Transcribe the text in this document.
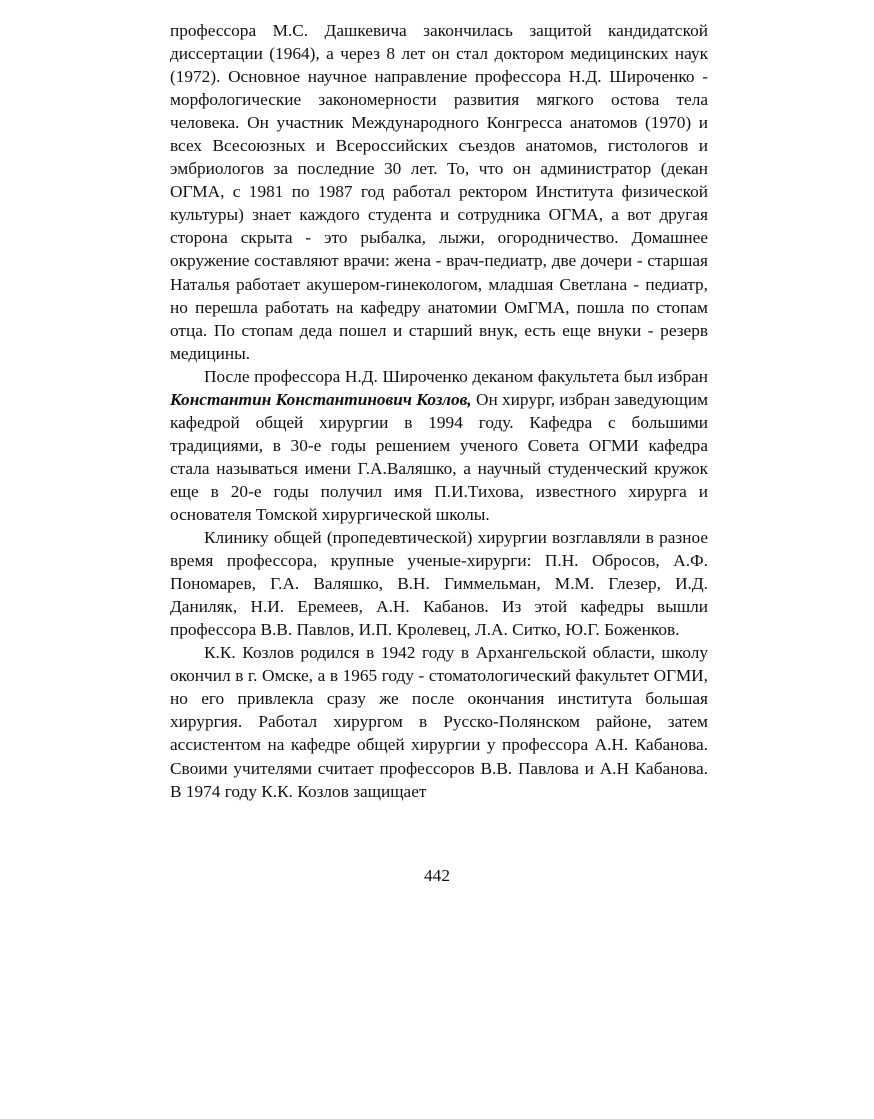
профессора М.С. Дашкевича закончилась защитой кандидатской диссертации (1964), а через 8 лет он стал доктором медицинских наук (1972). Основное научное направление профессора Н.Д. Широченко - морфологические закономерности развития мягкого остова тела человека. Он участник Международного Конгресса анатомов (1970) и всех Всесоюзных и Всероссийских съездов анатомов, гистологов и эмбриологов за последние 30 лет. То, что он администратор (декан ОГМА, с 1981 по 1987 год работал ректором Института физической культуры) знает каждого студента и сотрудника ОГМА, а вот другая сторона скрыта - это рыбалка, лыжи, огородничество. Домашнее окружение составляют врачи: жена - врач-педиатр, две дочери - старшая Наталья работает акушером-гинекологом, младшая Светлана - педиатр, но перешла работать на кафедру анатомии ОмГМА, пошла по стопам отца. По стопам деда пошел и старший внук, есть еще внуки - резерв медицины.

После профессора Н.Д. Широченко деканом факультета был избран Константин Константинович Козлов, Он хирург, избран заведующим кафедрой общей хирургии в 1994 году. Кафедра с большими традициями, в 30-е годы решением ученого Совета ОГМИ кафедра стала называться имени Г.А.Валяшко, а научный студенческий кружок еще в 20-е годы получил имя П.И.Тихова, известного хирурга и основателя Томской хирургической школы.

Клинику общей (пропедевтической) хирургии возглавляли в разное время профессора, крупные ученые-хирурги: П.Н. Обросов, А.Ф. Пономарев, Г.А. Валяшко, В.Н. Гиммельман, М.М. Глезер, И.Д. Даниляк, Н.И. Еремеев, А.Н. Кабанов. Из этой кафедры вышли профессора В.В. Павлов, И.П. Кролевец, Л.А. Ситко, Ю.Г. Боженков.

К.К. Козлов родился в 1942 году в Архангельской области, школу окончил в г. Омске, а в 1965 году - стоматологический факультет ОГМИ, но его привлекла сразу же после окончания института большая хирургия. Работал хирургом в Русско-Полянском районе, затем ассистентом на кафедре общей хирургии у профессора А.Н. Кабанова. Своими учителями считает профессоров В.В. Павлова и А.Н Кабанова. В 1974 году К.К. Козлов защищает

442
